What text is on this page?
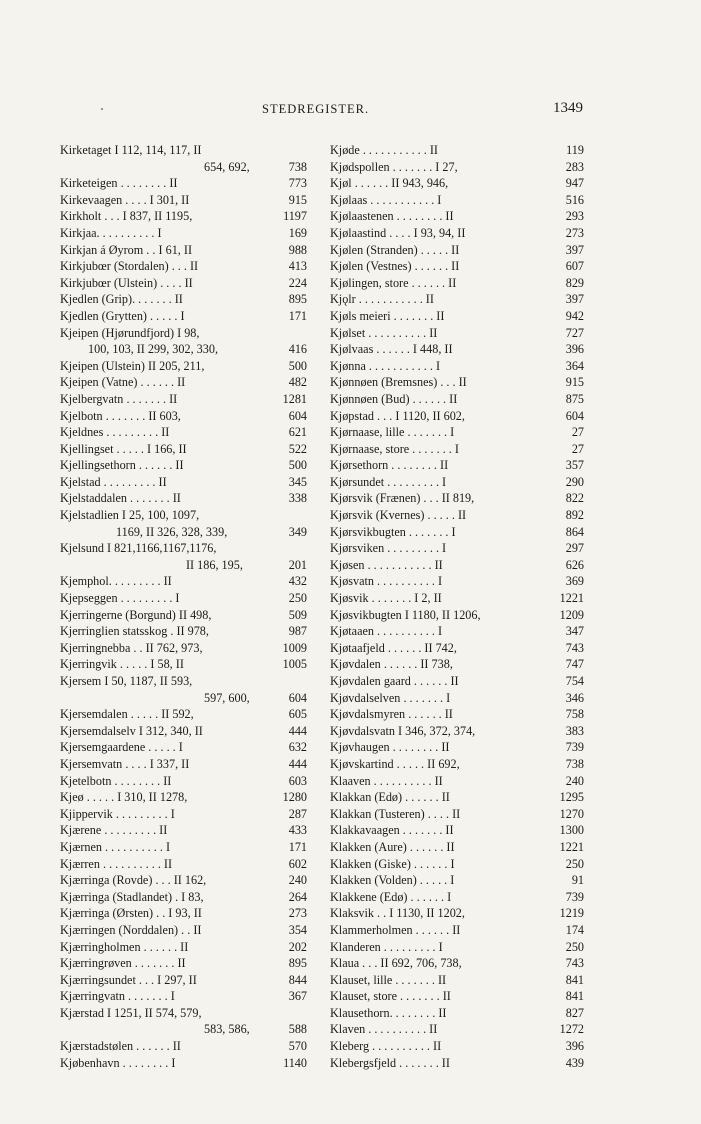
STEDREGISTER.	1349
Kirketaget I 112, 114, 117, II
654, 692,	738
Kirketeigen . . . . . . . . II	773
Kirkevaagen . . . . I 301, II	915
Kirkholt . . . I 837, II 1195,	1197
Kirkjaa. . . . . . . . . . I	169
Kirkjan á Øyrom . . I 61, II	988
Kirkjubœr (Stordalen) . . . II	413
Kirkjubœr (Ulstein) . . . . II	224
Kjedlen (Grip). . . . . . . II	895
Kjedlen (Grytten) . . . . . I	171
Kjeipen (Hjørundfjord) I 98,
100, 103, II 299, 302, 330,	416
Kjeipen (Ulstein) II 205, 211,	500
Kjeipen (Vatne) . . . . . . II	482
Kjelbergvatn . . . . . . . II	1281
Kjelbotn . . . . . . . II 603,	604
Kjeldnes . . . . . . . . . II	621
Kjellingset . . . . . I 166, II	522
Kjellingsethorn . . . . . . II	500
Kjelstad . . . . . . . . . II	345
Kjelstaddalen . . . . . . . II	338
Kjelstadlien I 25, 100, 1097,
1169, II 326, 328, 339,	349
Kjelsund I 821,1166,1167,1176,
II 186, 195,	201
Kjemphol. . . . . . . . . II	432
Kjepseggen . . . . . . . . . I	250
Kjerringerne (Borgund) II 498,	509
Kjerringlien statsskog . II 978,	987
Kjerringnebba . . II 762, 973,	1009
Kjerringvik . . . . . I 58, II	1005
Kjersem I 50, 1187, II 593,
597, 600,	604
Kjersemdalen . . . . . II 592,	605
Kjersemdalselv I 312, 340, II	444
Kjersemgaardene . . . . . I	632
Kjersemvatn . . . . I 337, II	444
Kjetelbotn . . . . . . . . II	603
Kjeø . . . . . I 310, II 1278,	1280
Kjippervik . . . . . . . . . I	287
Kjærene . . . . . . . . . II	433
Kjærnen . . . . . . . . . . I	171
Kjærren . . . . . . . . . . II	602
Kjærringa (Rovde) . . . II 162,	240
Kjærringa (Stadlandet) . I 83,	264
Kjærringa (Ørsten) . . I 93, II	273
Kjærringen (Norddalen) . . II	354
Kjærringholmen . . . . . . II	202
Kjærringrøven . . . . . . . II	895
Kjærringsundet . . . I 297, II	844
Kjærringvatn . . . . . . . I	367
Kjærstad I 1251, II 574, 579,
583, 586,	588
Kjærstadstølen . . . . . . II	570
Kjøbenhavn . . . . . . . . I	1140
Kjøde . . . . . . . . . . . II	119
Kjødspollen . . . . . . . I 27,	283
Kjøl . . . . . . II 943, 946,	947
Kjølaas . . . . . . . . . . . I	516
Kjølaastenen . . . . . . . . II	293
Kjølaastind . . . . I 93, 94, II	273
Kjølen (Stranden) . . . . . II	397
Kjølen (Vestnes) . . . . . . II	607
Kjølingen, store . . . . . . II	829
Kjǫlr . . . . . . . . . . . II	397
Kjøls meieri . . . . . . . II	942
Kjølset . . . . . . . . . . II	727
Kjølvaas . . . . . . I 448, II	396
Kjønna . . . . . . . . . . . I	364
Kjønnøen (Bremsnes) . . . II	915
Kjønnøen (Bud) . . . . . . II	875
Kjøpstad . . . I 1120, II 602,	604
Kjørnaase, lille . . . . . . . I	27
Kjørnaase, store . . . . . . . I	27
Kjørsethorn . . . . . . . . II	357
Kjørsundet . . . . . . . . . I	290
Kjørsvik (Frænen) . . . II 819,	822
Kjørsvik (Kvernes) . . . . . II	892
Kjørsvikbugten . . . . . . . I	864
Kjørsviken . . . . . . . . . I	297
Kjøsen . . . . . . . . . . . II	626
Kjøsvatn . . . . . . . . . . I	369
Kjøsvik . . . . . . . I 2, II	1221
Kjøsvikbugten I 1180, II 1206,	1209
Kjøtaaen . . . . . . . . . . I	347
Kjøtaafjeld . . . . . . II 742,	743
Kjøvdalen . . . . . . II 738,	747
Kjøvdalen gaard . . . . . . II	754
Kjøvdalselven . . . . . . . I	346
Kjøvdalsmyren . . . . . . II	758
Kjøvdalsvatn I 346, 372, 374,	383
Kjøvhaugen . . . . . . . . II	739
Kjøvskartind . . . . . II 692,	738
Klaaven . . . . . . . . . . II	240
Klakkan (Edø) . . . . . . II	1295
Klakkan (Tusteren) . . . . II	1270
Klakkavaagen . . . . . . . II	1300
Klakken (Aure) . . . . . . II	1221
Klakken (Giske) . . . . . . I	250
Klakken (Volden) . . . . . I	91
Klakkene (Edø) . . . . . . I	739
Klaksvik . . I 1130, II 1202,	1219
Klammerholmen . . . . . . II	174
Klanderen . . . . . . . . . I	250
Klaua . . . II 692, 706, 738,	743
Klauset, lille . . . . . . . II	841
Klauset, store . . . . . . . II	841
Klausethorn. . . . . . . . II	827
Klaven . . . . . . . . . . II	1272
Kleberg . . . . . . . . . . II	396
Klebergsfjeld . . . . . . . II	439
